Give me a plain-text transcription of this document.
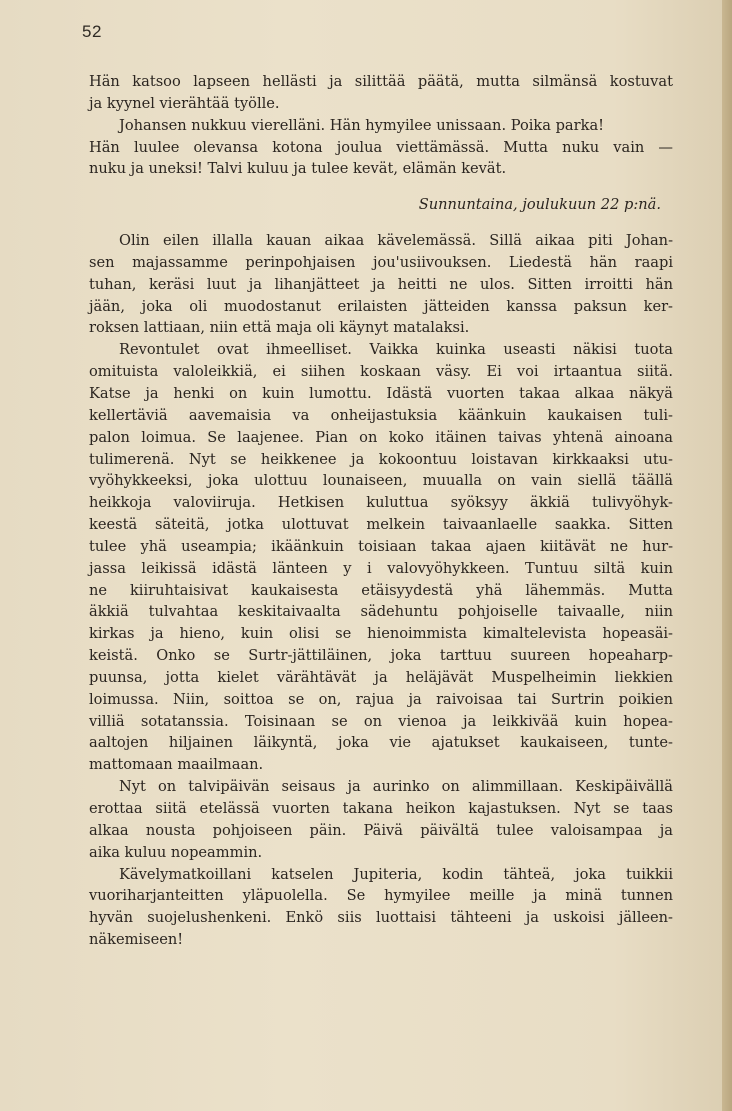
52
Hän katsoo lapseen hellästi ja silittää päätä, mutta silmänsä kostuvat
ja kyynel vierähtää työlle.
Johansen nukkuu vierelläni. Hän hymyilee unissaan. Poika parka!
Hän luulee olevansa kotona joulua viettämässä. Mutta nuku vain —
nuku ja uneksi! Talvi kuluu ja tulee kevät, elämän kevät.
Sunnuntaina, joulukuun 22 p:nä.
Olin eilen illalla kauan aikaa kävelemässä. Sillä aikaa piti Johan-
sen majassamme perinpohjaisen jou'usiivouksen. Liedestä hän raapi
tuhan, keräsi luut ja lihanjätteet ja heitti ne ulos. Sitten irroitti hän
jään, joka oli muodostanut erilaisten jätteiden kanssa paksun ker-
roksen lattiaan, niin että maja oli käynyt matalaksi.
Revontulet ovat ihmeelliset. Vaikka kuinka useasti näkisi tuota
omituista valoleikkiä, ei siihen koskaan väsy. Ei voi irtaantua siitä.
Katse ja henki on kuin lumottu. Idästä vuorten takaa alkaa näkyä
kellertäviä aavemaisia va onheijastuksia käänkuin kaukaisen tuli-
palon loimua. Se laajenee. Pian on koko itäinen taivas yhtenä ainoana
tulimerenä. Nyt se heikkenee ja kokoontuu loistavan kirkkaaksi utu-
vyöhykkeeksi, joka ulottuu lounaiseen, muualla on vain siellä täällä
heikkoja valoviiruja. Hetkisen kuluttua syöksyy äkkiä tulivyöhyk-
keestä säteitä, jotka ulottuvat melkein taivaanlaelle saakka. Sitten
tulee yhä useampia; ikäänkuin toisiaan takaa ajaen kiitävät ne hur-
jassa leikissä idästä länteen y i valovyöhykkeen. Tuntuu siltä kuin
ne kiiruhtaisivat kaukaisesta etäisyydestä yhä lähemmäs. Mutta
äkkiä tulvahtaa keskitaivaalta sädehuntu pohjoiselle taivaalle, niin
kirkas ja hieno, kuin olisi se hienoimmista kimaltelevista hopeasäi-
keistä. Onko se Surtr-jättiläinen, joka tarttuu suureen hopeaharp-
puunsa, jotta kielet värähtävät ja heläjävät Muspelheimin liekkien
loimussa. Niin, soittoa se on, rajua ja raivoisaa tai Surtrin poikien
villiä sotatanssia. Toisinaan se on vienoa ja leikkivää kuin hopea-
aaltojen hiljainen läikyntä, joka vie ajatukset kaukaiseen, tunte-
mattomaan maailmaan.
Nyt on talvipäivän seisaus ja aurinko on alimmillaan. Keskipäivällä
erottaa siitä etelässä vuorten takana heikon kajastuksen. Nyt se taas
alkaa nousta pohjoiseen päin. Päivä päivältä tulee valoisampaa ja
aika kuluu nopeammin.
Kävelymatkoillani katselen Jupiteria, kodin tähteä, joka tuikkii
vuoriharjanteitten yläpuolella. Se hymyilee meille ja minä tunnen
hyvän suojelushenkeni. Enkö siis luottaisi tähteeni ja uskoisi jälleen-
näkemiseen!
